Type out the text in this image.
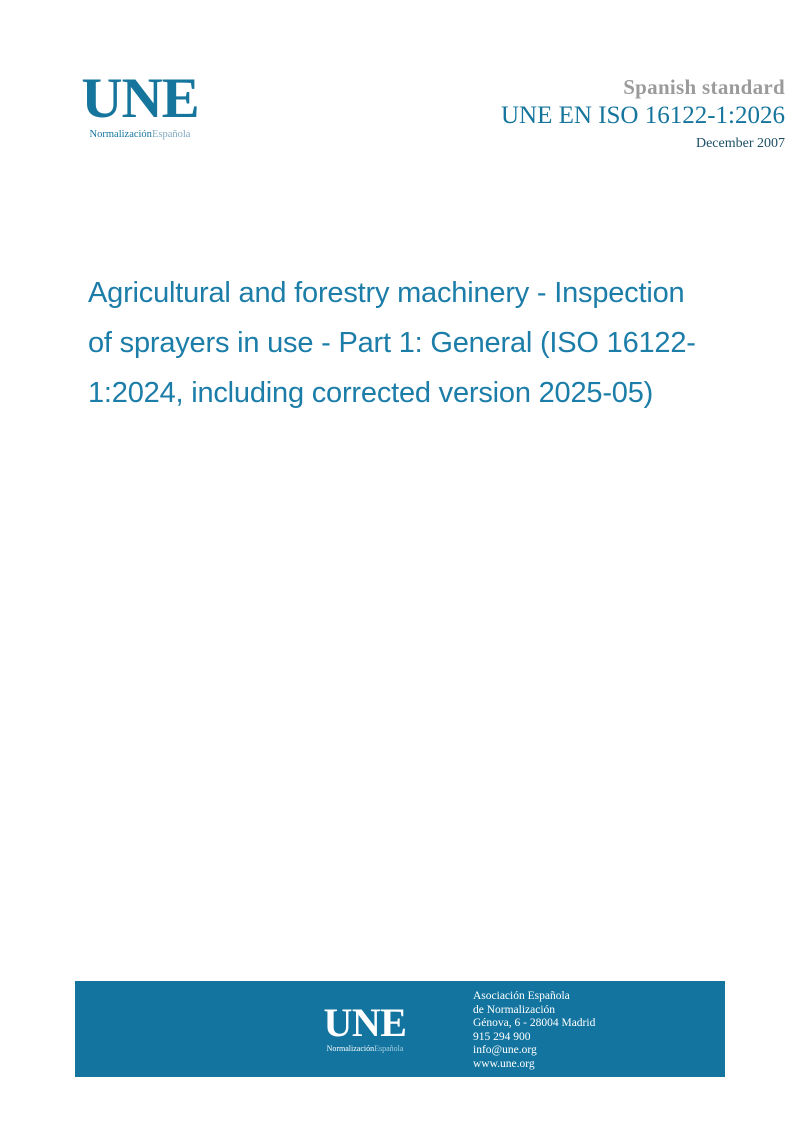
UNE
NormalizaciónEspañola
Spanish standard
UNE EN ISO 16122-1:2026
December 2007
Agricultural and forestry machinery - Inspection of sprayers in use - Part 1: General (ISO 16122-1:2024, including corrected version 2025-05)
UNE
NormalizaciónEspañola
Asociación Española
de Normalización
Génova, 6 - 28004 Madrid
915 294 900
info@une.org
www.une.org
